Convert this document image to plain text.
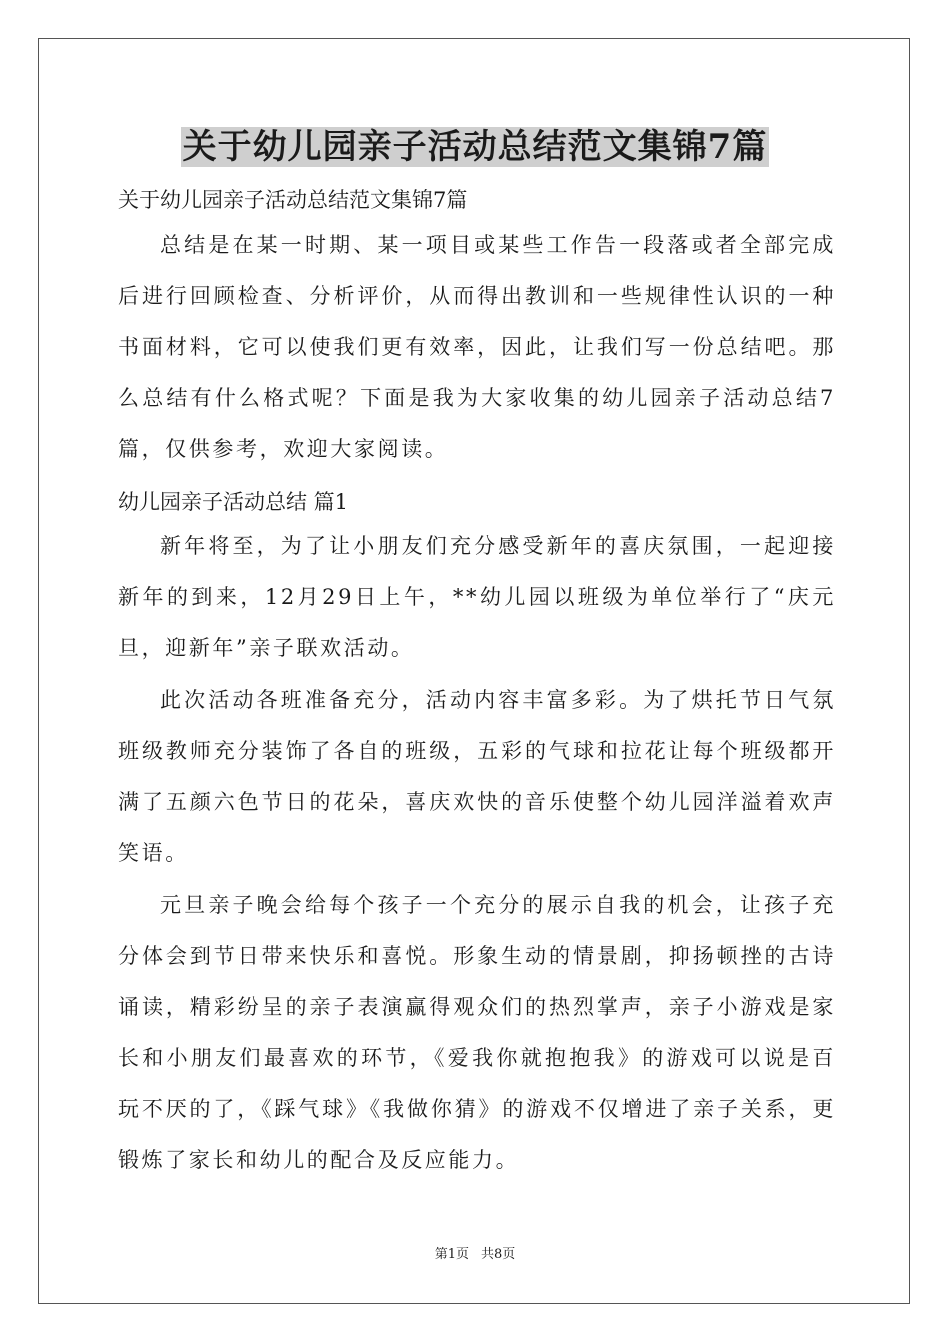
关于幼儿园亲子活动总结范文集锦7篇
关于幼儿园亲子活动总结范文集锦7篇

总结是在某一时期、某一项目或某些工作告一段落或者全部完成后进行回顾检查、分析评价，从而得出教训和一些规律性认识的一种书面材料，它可以使我们更有效率，因此，让我们写一份总结吧。那么总结有什么格式呢？下面是我为大家收集的幼儿园亲子活动总结7篇，仅供参考，欢迎大家阅读。

幼儿园亲子活动总结 篇1

新年将至，为了让小朋友们充分感受新年的喜庆氛围，一起迎接新年的到来，12月29日上午，**幼儿园以班级为单位举行了“庆元旦，迎新年”亲子联欢活动。

此次活动各班准备充分，活动内容丰富多彩。为了烘托节日气氛班级教师充分装饰了各自的班级，五彩的气球和拉花让每个班级都开满了五颜六色节日的花朵，喜庆欢快的音乐使整个幼儿园洋溢着欢声笑语。

元旦亲子晚会给每个孩子一个充分的展示自我的机会，让孩子充分体会到节日带来快乐和喜悦。形象生动的情景剧，抑扬顿挫的古诗诵读，精彩纷呈的亲子表演赢得观众们的热烈掌声，亲子小游戏是家长和小朋友们最喜欢的环节，《爱我你就抱抱我》的游戏可以说是百玩不厌的了，《踩气球》《我做你猜》的游戏不仅增进了亲子关系，更锻炼了家长和幼儿的配合及反应能力。

第1页 共8页
